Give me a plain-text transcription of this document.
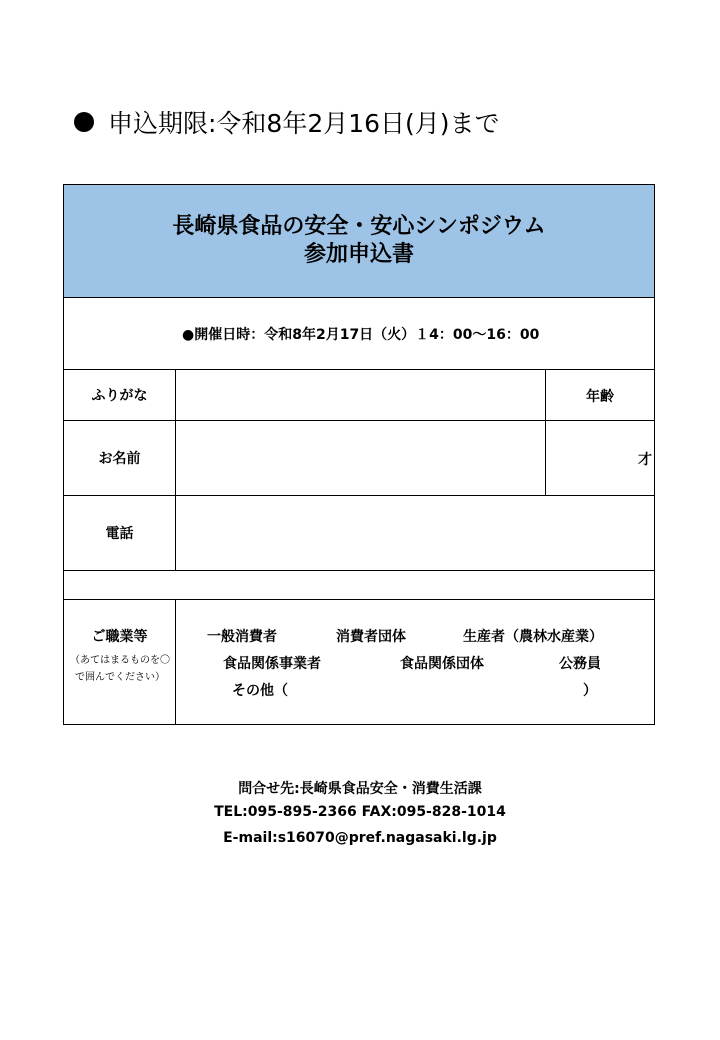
申込期限:令和8年2月16日(月)まで
長崎県食品の安全・安心シンポジウム
参加申込書
●開催日時：令和8年2月17日（火）１4：00～16：00
ふりがな	年齢
お名前	才
電話
ご職業等
（あてはまるものを〇で囲んでください）
一般消費者	消費者団体	生産者（農林水産業）
食品関係事業者	食品関係団体	公務員
その他（	）
問合せ先:長崎県食品安全・消費生活課
TEL:095-895-2366 FAX:095-828-1014
E-mail:s16070@pref.nagasaki.lg.jp
